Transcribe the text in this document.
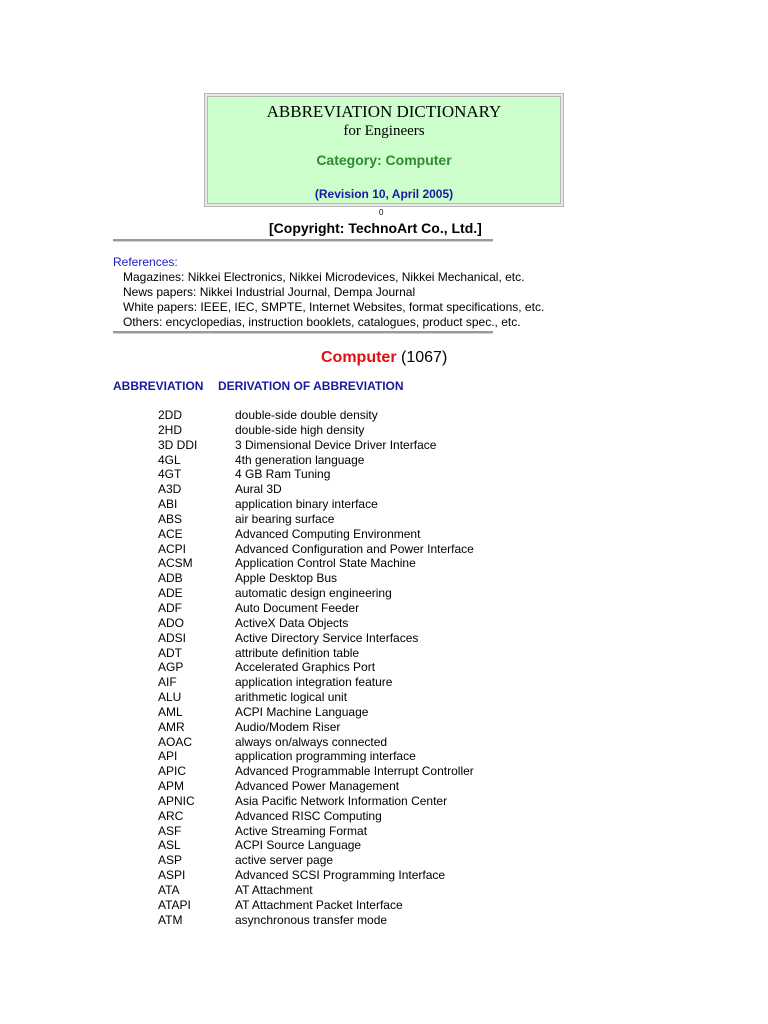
ABBREVIATION DICTIONARY
for Engineers
Category: Computer
(Revision 10, April 2005)
0
[Copyright: TechnoArt Co., Ltd.]
References:
Magazines: Nikkei Electronics, Nikkei Microdevices, Nikkei Mechanical, etc.
News papers: Nikkei Industrial Journal, Dempa Journal
White papers: IEEE, IEC, SMPTE, Internet Websites, format specifications, etc.
Others: encyclopedias, instruction booklets, catalogues, product spec., etc.
Computer (1067)
ABBREVIATION DERIVATION OF ABBREVIATION
2DD	double-side double density
2HD	double-side high density
3D DDI	3 Dimensional Device Driver Interface
4GL	4th generation language
4GT	4 GB Ram Tuning
A3D	Aural 3D
ABI	application binary interface
ABS	air bearing surface
ACE	Advanced Computing Environment
ACPI	Advanced Configuration and Power Interface
ACSM	Application Control State Machine
ADB	Apple Desktop Bus
ADE	automatic design engineering
ADF	Auto Document Feeder
ADO	ActiveX Data Objects
ADSI	Active Directory Service Interfaces
ADT	attribute definition table
AGP	Accelerated Graphics Port
AIF	application integration feature
ALU	arithmetic logical unit
AML	ACPI Machine Language
AMR	Audio/Modem Riser
AOAC	always on/always connected
API	application programming interface
APIC	Advanced Programmable Interrupt Controller
APM	Advanced Power Management
APNIC	Asia Pacific Network Information Center
ARC	Advanced RISC Computing
ASF	Active Streaming Format
ASL	ACPI Source Language
ASP	active server page
ASPI	Advanced SCSI Programming Interface
ATA	AT Attachment
ATAPI	AT Attachment Packet Interface
ATM	asynchronous transfer mode
